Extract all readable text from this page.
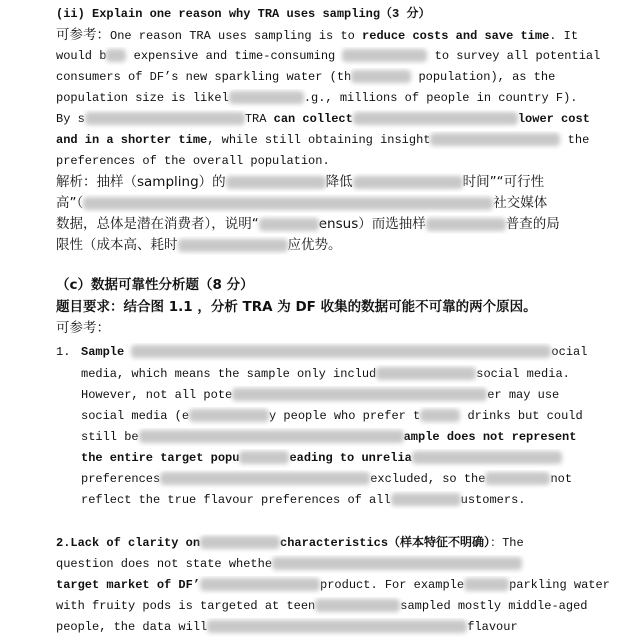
(ii) Explain one reason why TRA uses sampling（3 分）
可参考：One reason TRA uses sampling is to reduce costs and save time. It
would b expensive and time-consuming	to survey all potential
consumers of DF’s new sparkling water (th	population), as the
population size is likel	.g., millions of people in country F).
By s	TRA can collect	lower cost
and in a shorter time, while still obtaining insight	the
preferences of the overall population.
解析：抽样（sampling）的	降低	时间”“可行性
高”（	社交媒体
数据，总体是潜在消费者），说明“	ensus）而选抽样	普查的局
限性（成本高、耗时	应优势。
（c）数据可靠性分析题（8 分）
题目要求：结合图 1.1 ，分析 TRA 为 DF 收集的数据可能不可靠的两个原因。
可参考：
1. Sample	ocial
media, which means the sample only includ	social media.
However, not all pote	er may use
social media (e	y people who prefer t	drinks but could
still be	ample does not represent
the entire target popu	eading to unrelia
preferences	excluded, so the	not
reflect the true flavour preferences of all	ustomers.
2.Lack of clarity on	characteristics（样本特征不明确）：The
question does not state whethe
target market of DF’	product. For example	parkling water
with fruity pods is targeted at teen	sampled mostly middle-aged
people, the data will	flavour
